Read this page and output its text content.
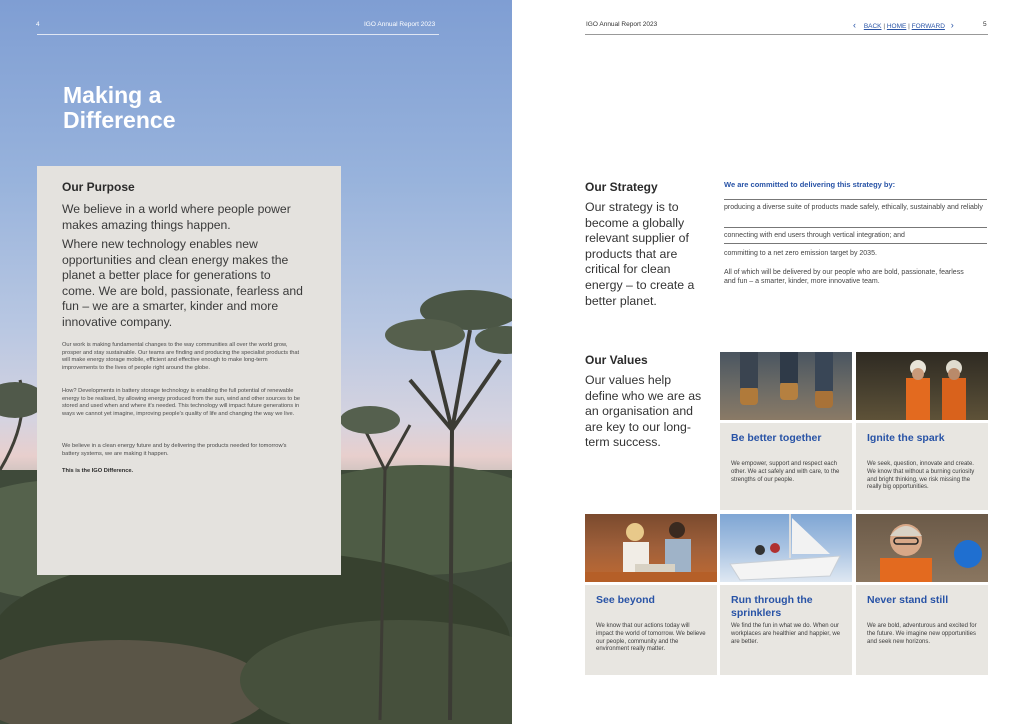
4	IGO Annual Report 2023
Making a Difference
Our Purpose
We believe in a world where people power makes amazing things happen.
Where new technology enables new opportunities and clean energy makes the planet a better place for generations to come. We are bold, passionate, fearless and fun – we are a smarter, kinder and more innovative company.
Our work is making fundamental changes to the way communities all over the world grow, prosper and stay sustainable. Our teams are finding and producing the specialist products that will make energy storage mobile, efficient and effective enough to make long-term improvements to the lives of people right around the globe.
How? Developments in battery storage technology is enabling the full potential of renewable energy to be realised, by allowing energy produced from the sun, wind and other sources to be stored and used when and where it's needed. This technology will impact future generations in ways we cannot yet imagine, improving people's quality of life and changing the way we live.
We believe in a clean energy future and by delivering the products needed for tomorrow's battery systems, we are making it happen.
This is the IGO Difference.
IGO Annual Report 2023	‹ BACK | HOME | FORWARD ›	5
Our Strategy
Our strategy is to become a globally relevant supplier of products that are critical for clean energy – to create a better planet.
We are committed to delivering this strategy by:
producing a diverse suite of products made safely, ethically, sustainably and reliably
connecting with end users through vertical integration; and
committing to a net zero emission target by 2035.
All of which will be delivered by our people who are bold, passionate, fearless and fun – a smarter, kinder, more innovative team.
Our Values
Our values help define who we are as an organisation and are key to our long-term success.	Be better together
We empower, support and respect each other. We act safely and with care, to the strengths of our people.
Ignite the spark
We seek, question, innovate and create. We know that without a burning curiosity and bright thinking, we risk missing the really big opportunities.
See beyond
We know that our actions today will impact the world of tomorrow. We believe our people, community and the environment really matter.
Run through the sprinklers
We find the fun in what we do. When our workplaces are healthier and happier, we are better.
Never stand still
We are bold, adventurous and excited for the future. We imagine new opportunities and seek new horizons.
